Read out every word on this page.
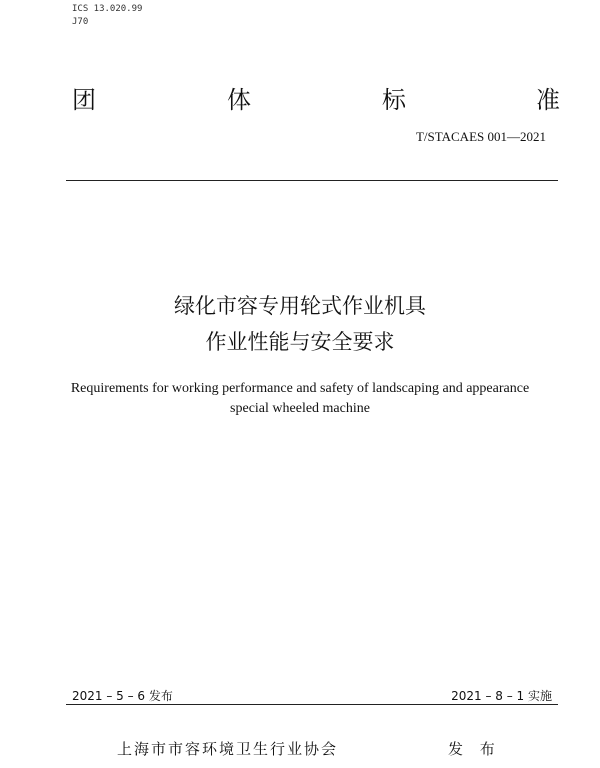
ICS 13.020.99
J70
团	体	标	准
T/STACAES 001—2021
绿化市容专用轮式作业机具
作业性能与安全要求
Requirements for working performance and safety of landscaping and appearance
special wheeled machine
2021 – 5 – 6 发布	2021 – 8 – 1 实施
上海市市容环境卫生行业协会	发 布
